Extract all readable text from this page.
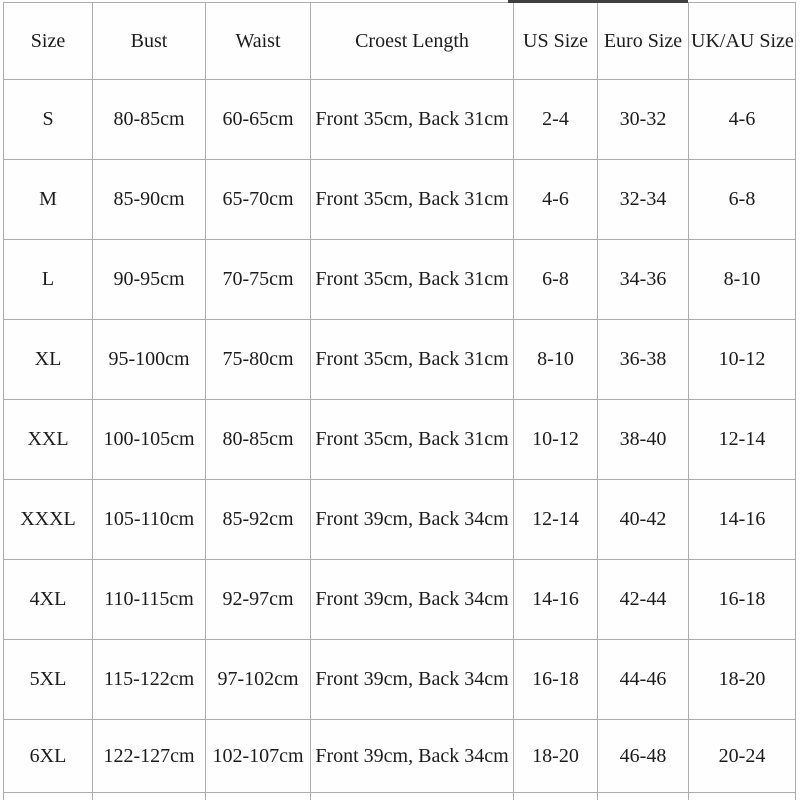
Size	Bust	Waist	Croest Length	US Size	Euro Size	UK/AU Size
S	80-85cm	60-65cm	Front 35cm, Back 31cm	2-4	30-32	4-6
M	85-90cm	65-70cm	Front 35cm, Back 31cm	4-6	32-34	6-8
L	90-95cm	70-75cm	Front 35cm, Back 31cm	6-8	34-36	8-10
XL	95-100cm	75-80cm	Front 35cm, Back 31cm	8-10	36-38	10-12
XXL	100-105cm	80-85cm	Front 35cm, Back 31cm	10-12	38-40	12-14
XXXL	105-110cm	85-92cm	Front 39cm, Back 34cm	12-14	40-42	14-16
4XL	110-115cm	92-97cm	Front 39cm, Back 34cm	14-16	42-44	16-18
5XL	115-122cm	97-102cm	Front 39cm, Back 34cm	16-18	44-46	18-20
6XL	122-127cm	102-107cm	Front 39cm, Back 34cm	18-20	46-48	20-24
